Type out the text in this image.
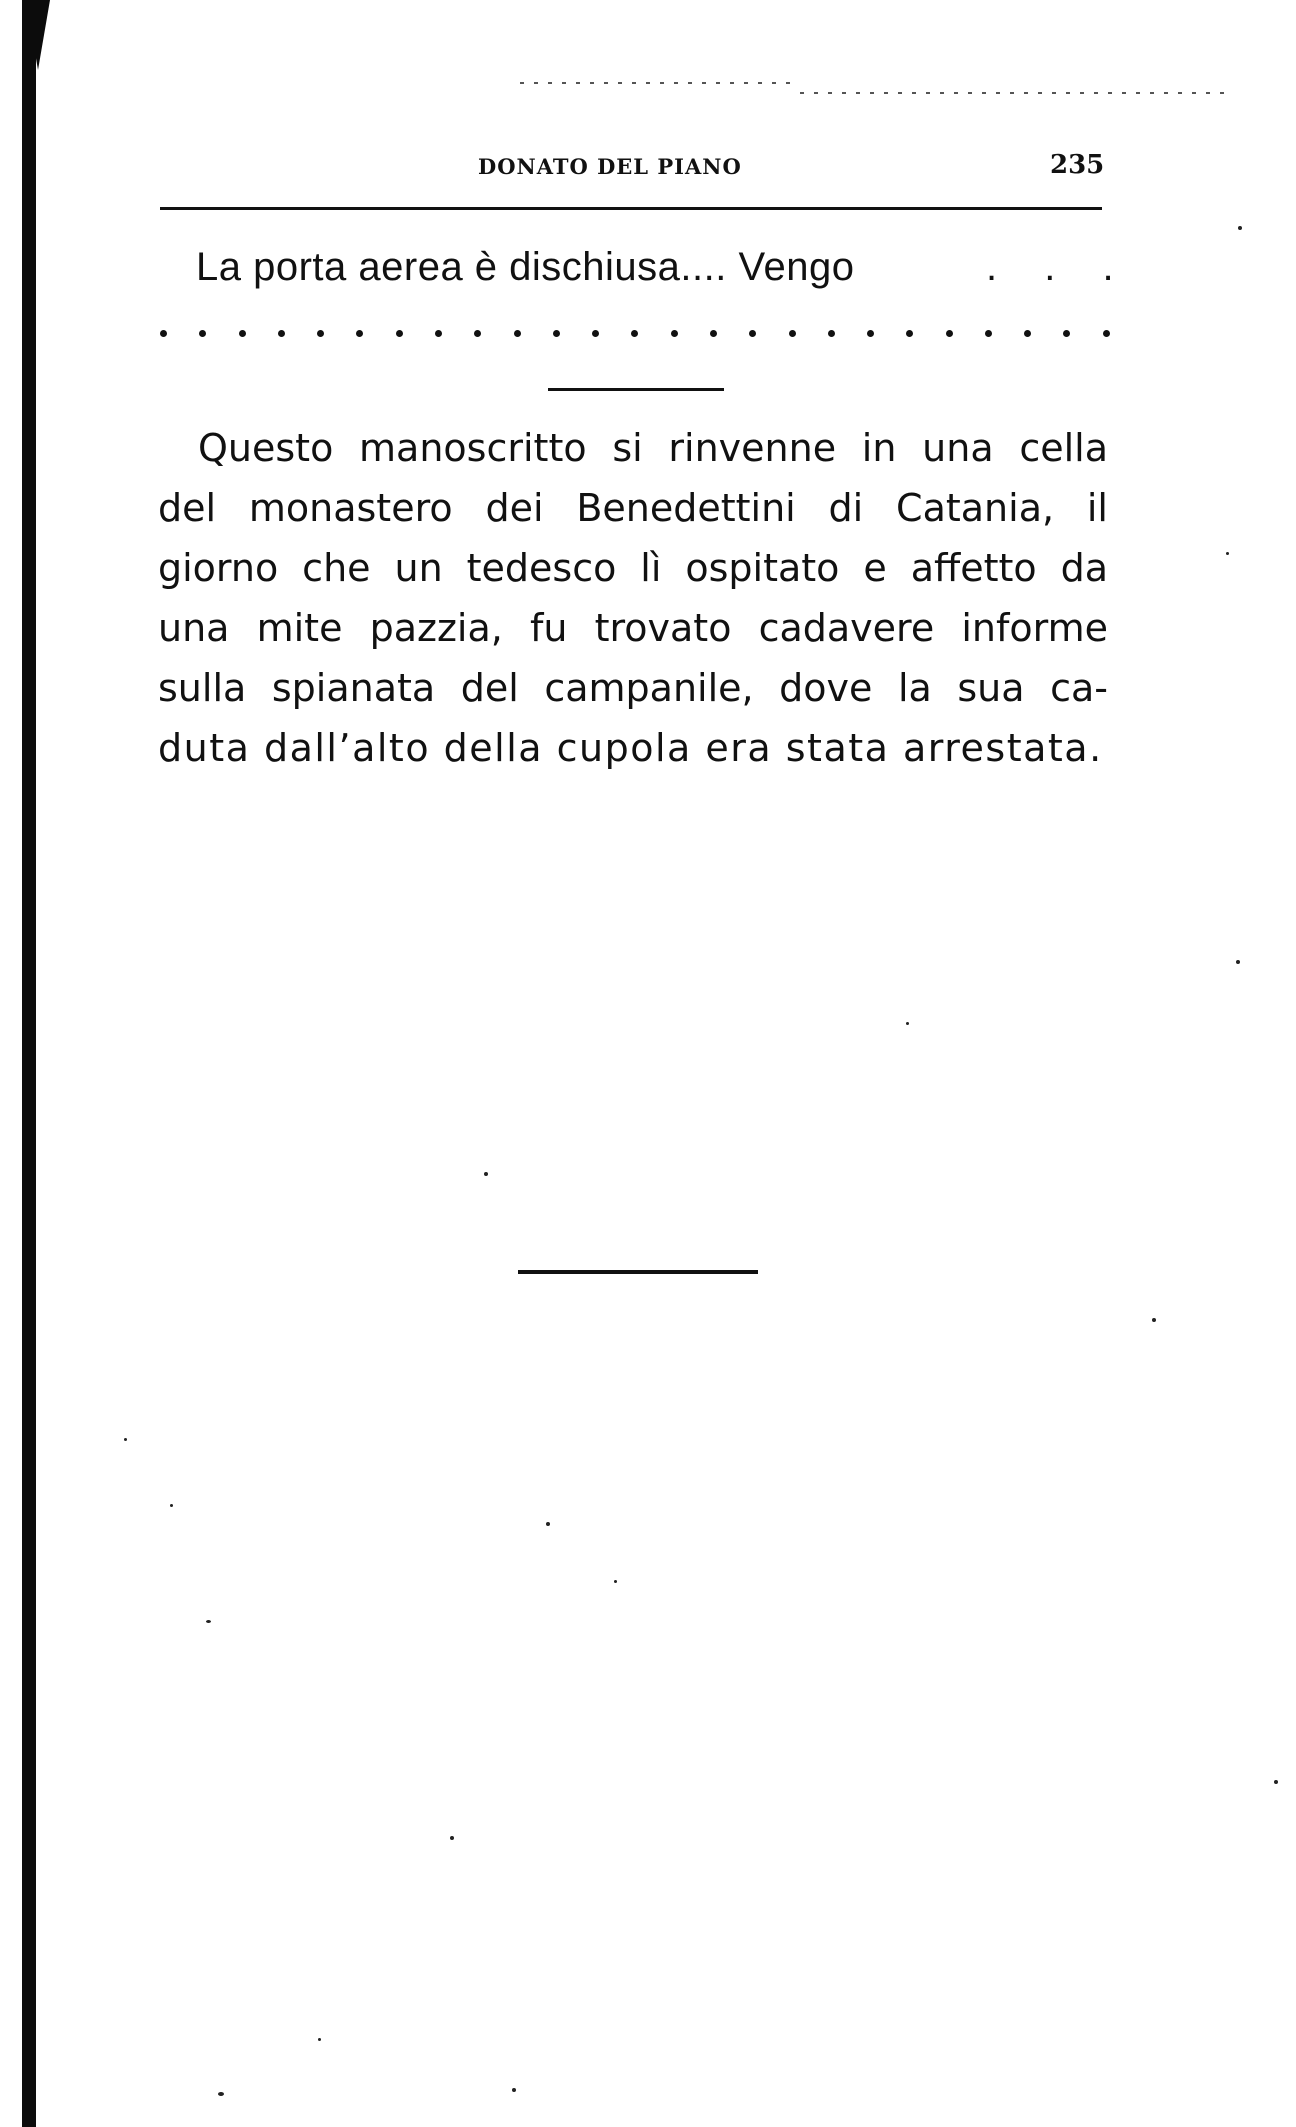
DONATO DEL PIANO	235
La porta aerea è dischiusa.... Vengo	. . .
Questo manoscritto si rinvenne in una cella
del monastero dei Benedettini di Catania, il
giorno che un tedesco lì ospitato e affetto da
una mite pazzia, fu trovato cadavere informe
sulla spianata del campanile, dove la sua ca-
duta dall’alto della cupola era stata arrestata.
